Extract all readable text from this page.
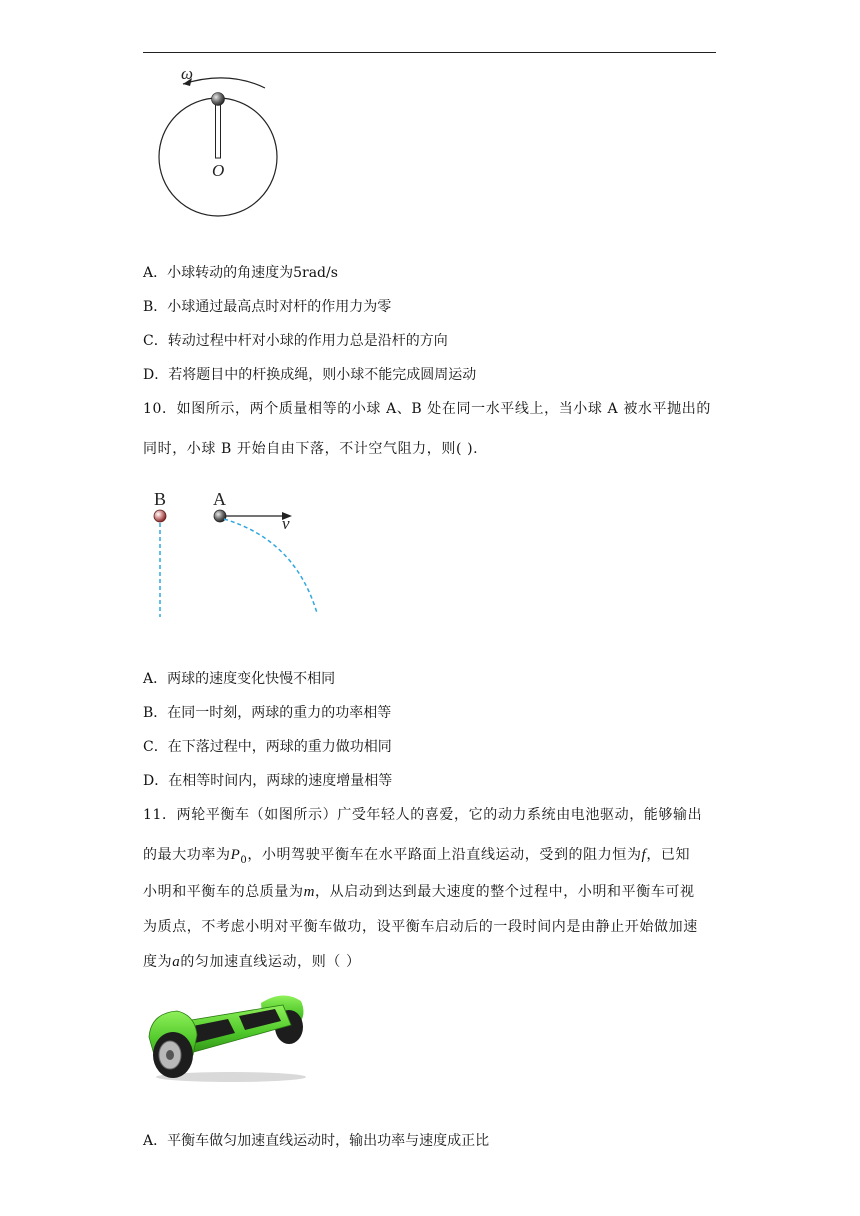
ω
O
A．小球转动的角速度为5rad/s
B．小球通过最高点时对杆的作用力为零
C．转动过程中杆对小球的作用力总是沿杆的方向
D．若将题目中的杆换成绳，则小球不能完成圆周运动
10．如图所示，两个质量相等的小球 A、B 处在同一水平线上，当小球 A 被水平抛出的
同时，小球 B 开始自由下落，不计空气阻力，则( ).
B	A
v
A．两球的速度变化快慢不相同
B．在同一时刻，两球的重力的功率相等
C．在下落过程中，两球的重力做功相同
D．在相等时间内，两球的速度增量相等
11．两轮平衡车（如图所示）广受年轻人的喜爱，它的动力系统由电池驱动，能够输出
的最大功率为$P_0$，小明驾驶平衡车在水平路面上沿直线运动，受到的阻力恒为f，已知
小明和平衡车的总质量为m，从启动到达到最大速度的整个过程中，小明和平衡车可视
为质点，不考虑小明对平衡车做功，设平衡车启动后的一段时间内是由静止开始做加速
度为a的匀加速直线运动，则（ ）
A．平衡车做匀加速直线运动时，输出功率与速度成正比
